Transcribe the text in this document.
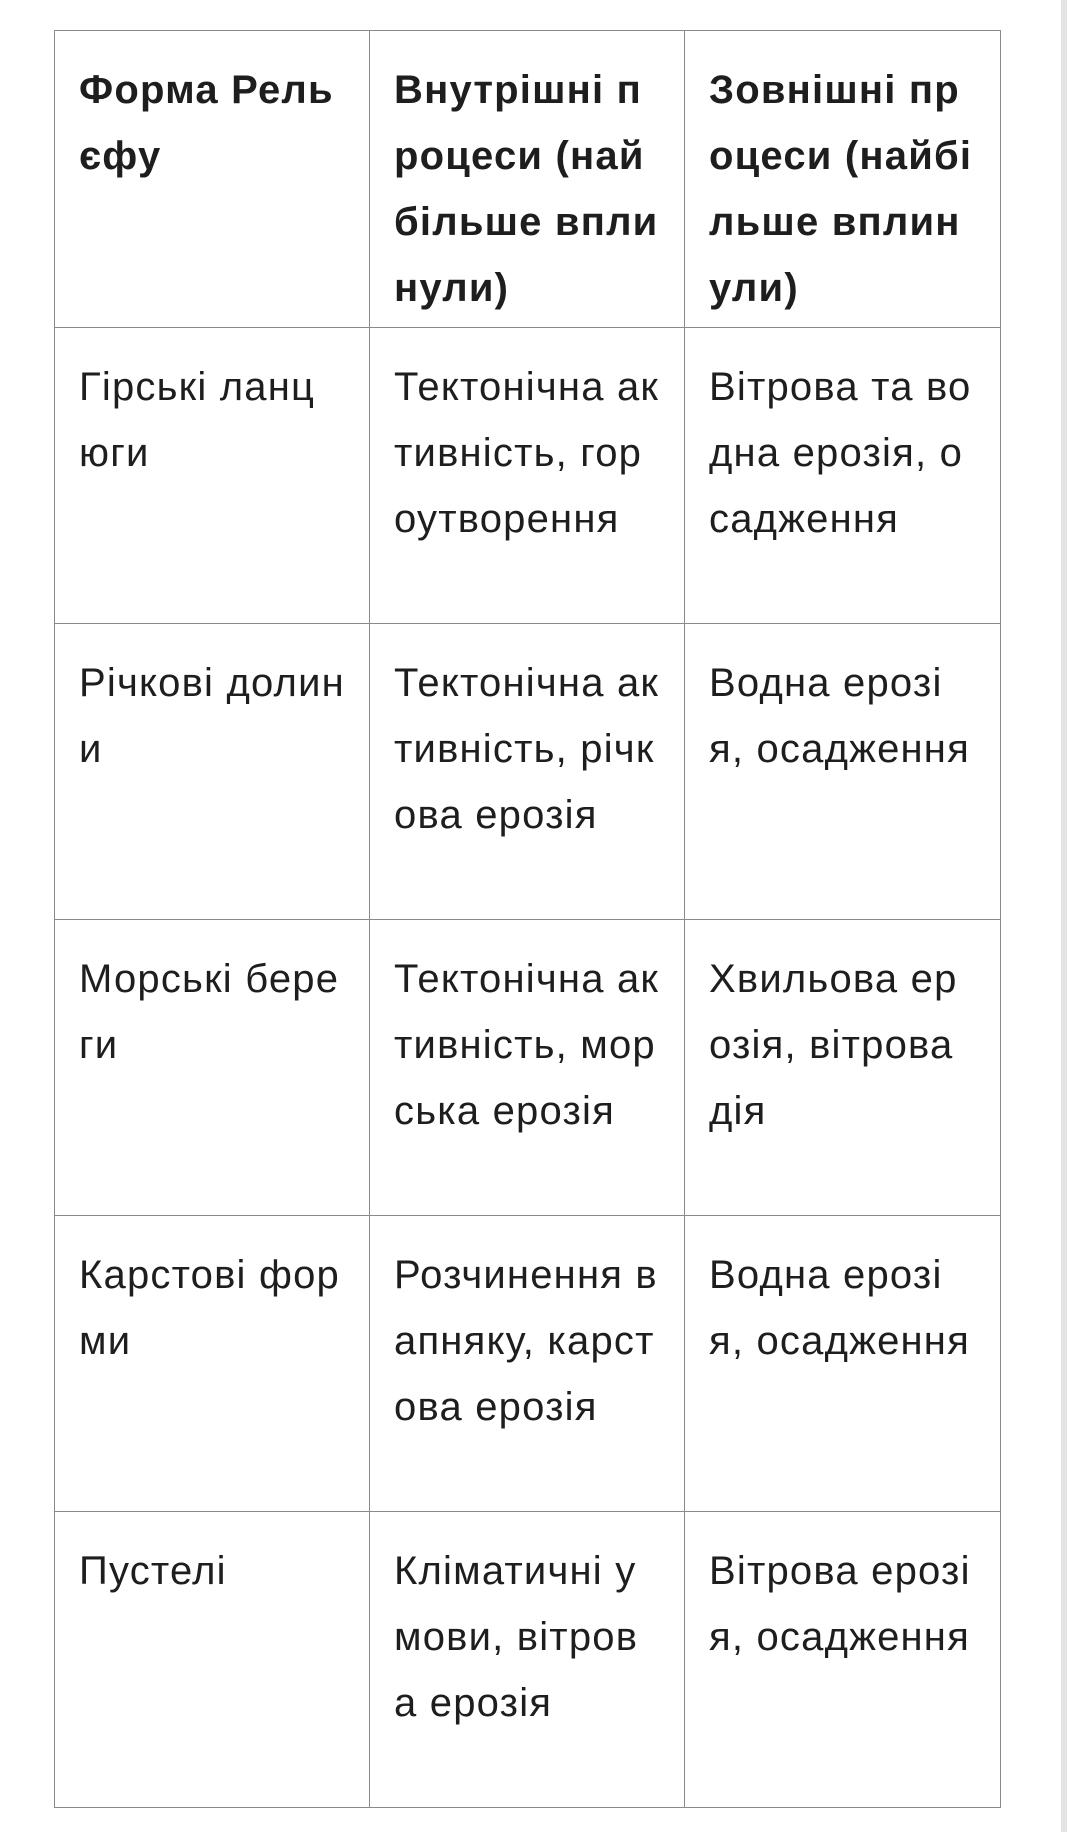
Форма Рельєфу	Внутрішні процеси (найбільше вплинули)	Зовнішні процеси (найбільше вплинули)
Гірські ланцюги	Тектонічна активність, гороутворення	Вітрова та водна ерозія, осадження
Річкові долини	Тектонічна активність, річкова ерозія	Водна ерозія, осадження
Морські береги	Тектонічна активність, морська ерозія	Хвильова ерозія, вітрова дія
Карстові форми	Розчинення вапняку, карстова ерозія	Водна ерозія, осадження
Пустелі	Кліматичні умови, вітрова ерозія	Вітрова ерозія, осадження
